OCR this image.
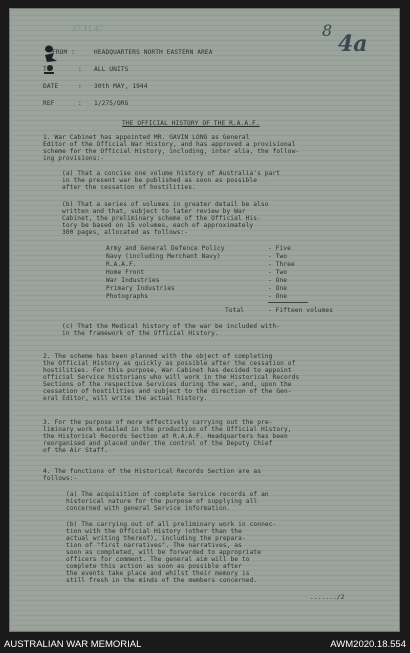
27.11.47	8
4a
FROM :	HEADQUARTERS NORTH EASTERN AREA
TO	: ALL UNITS
DATE	: 30th MAY, 1944
REF	: 1/275/ORG
THE OFFICIAL HISTORY OF THE R.A.A.F.
1. War Cabinet has appointed MR. GAVIN LONG as General
Editor of the Official War History, and has approved a provisional
scheme for the Official History, including, inter alia, the follow-
ing provisions:-
(a) That a concise one volume history of Australia's part
in the present war be published as soon as possible
after the cessation of hostilities.
(b) That a series of volumes in greater detail be also
written and that, subject to later review by War
Cabinet, the preliminary scheme of the Official His-
tory be based on 15 volumes, each of approximately
300 pages, allocated as follows:-
Army and General Defence Policy	- Five
Navy (including Merchant Navy)	- Two
R.A.A.F.	- Three
Home Front	- Two
War Industries	- One
Primary Industries	- One
Photographs	- One
Total	- Fifteen volumes
(c) That the Medical history of the war be included with-
in the framework of the Official History.
2. The scheme has been planned with the object of completing
the Official History as quickly as possible after the cessation of
hostilities. For this purpose, War Cabinet has decided to appoint
official Service historians who will work in the Historical Records
Sections of the respective Services during the war, and, upon the
cessation of hostilities and subject to the direction of the Gen-
eral Editor, will write the actual history.
3. For the purpose of more effectively carrying out the pre-
liminary work entailed in the production of the Official History,
the Historical Records Section at R.A.A.F. Headquarters has been
reorganised and placed under the control of the Deputy Chief
of the Air Staff.
4. The functions of the Historical Records Section are as
follows:-
(a) The acquisition of complete Service records of an
historical nature for the purpose of supplying all
concerned with general Service information.
(b) The carrying out of all preliminary work in connec-
tion with the Official History (other than the
actual writing thereof), including the prepara-
tion of "first narratives". The narratives, as
soon as completed, will be forwarded to appropriate
officers for comment. The general aim will be to
complete this action as soon as possible after
the events take place and whilst their memory is
still fresh in the minds of the members concerned.
......./2
AUSTRALIAN WAR MEMORIAL	AWM2020.18.554
